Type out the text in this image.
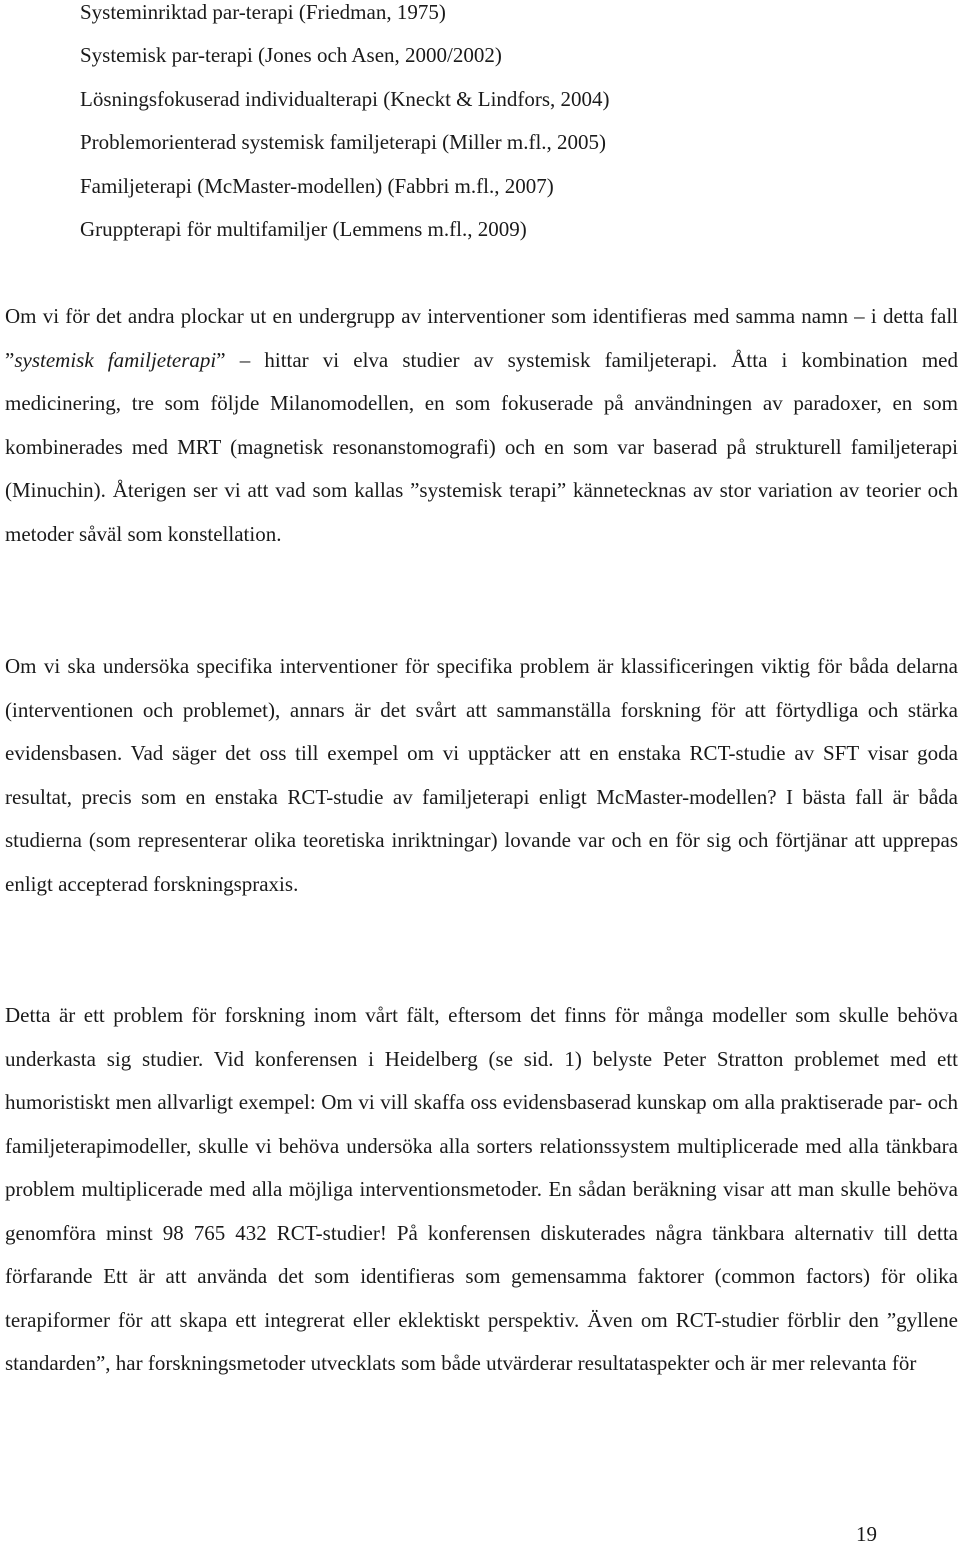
Systeminriktad par-terapi (Friedman, 1975)
Systemisk par-terapi (Jones och Asen, 2000/2002)
Lösningsfokuserad individualterapi (Kneckt & Lindfors, 2004)
Problemorienterad systemisk familjeterapi (Miller m.fl., 2005)
Familjeterapi (McMaster-modellen) (Fabbri m.fl., 2007)
Gruppterapi för multifamiljer (Lemmens m.fl., 2009)

Om vi för det andra plockar ut en undergrupp av interventioner som identifieras med samma namn – i detta fall ”systemisk familjeterapi” – hittar vi elva studier av systemisk familjeterapi. Åtta i kombination med medicinering, tre som följde Milanomodellen, en som fokuserade på användningen av paradoxer, en som kombinerades med MRT (magnetisk resonanstomografi) och en som var baserad på strukturell familjeterapi (Minuchin). Återigen ser vi att vad som kallas ”systemisk terapi” kännetecknas av stor variation av teorier och metoder såväl som konstellation.

Om vi ska undersöka specifika interventioner för specifika problem är klassificeringen viktig för båda delarna (interventionen och problemet), annars är det svårt att sammanställa forskning för att förtydliga och stärka evidensbasen. Vad säger det oss till exempel om vi upptäcker att en enstaka RCT-studie av SFT visar goda resultat, precis som en enstaka RCT-studie av familjeterapi enligt McMaster-modellen? I bästa fall är båda studierna (som representerar olika teoretiska inriktningar) lovande var och en för sig och förtjänar att upprepas enligt accepterad forskningspraxis.

Detta är ett problem för forskning inom vårt fält, eftersom det finns för många modeller som skulle behöva underkasta sig studier. Vid konferensen i Heidelberg (se sid. 1) belyste Peter Stratton problemet med ett humoristiskt men allvarligt exempel: Om vi vill skaffa oss evidensbaserad kunskap om alla praktiserade par- och familjeterapimodeller, skulle vi behöva undersöka alla sorters relationssystem multiplicerade med alla tänkbara problem multiplicerade med alla möjliga interventionsmetoder. En sådan beräkning visar att man skulle behöva genomföra minst 98 765 432 RCT-studier! På konferensen diskuterades några tänkbara alternativ till detta förfarande Ett är att använda det som identifieras som gemensamma faktorer (common factors) för olika terapiformer för att skapa ett integrerat eller eklektiskt perspektiv. Även om RCT-studier förblir den ”gyllene standarden”, har forskningsmetoder utvecklats som både utvärderar resultataspekter och är mer relevanta för

19
